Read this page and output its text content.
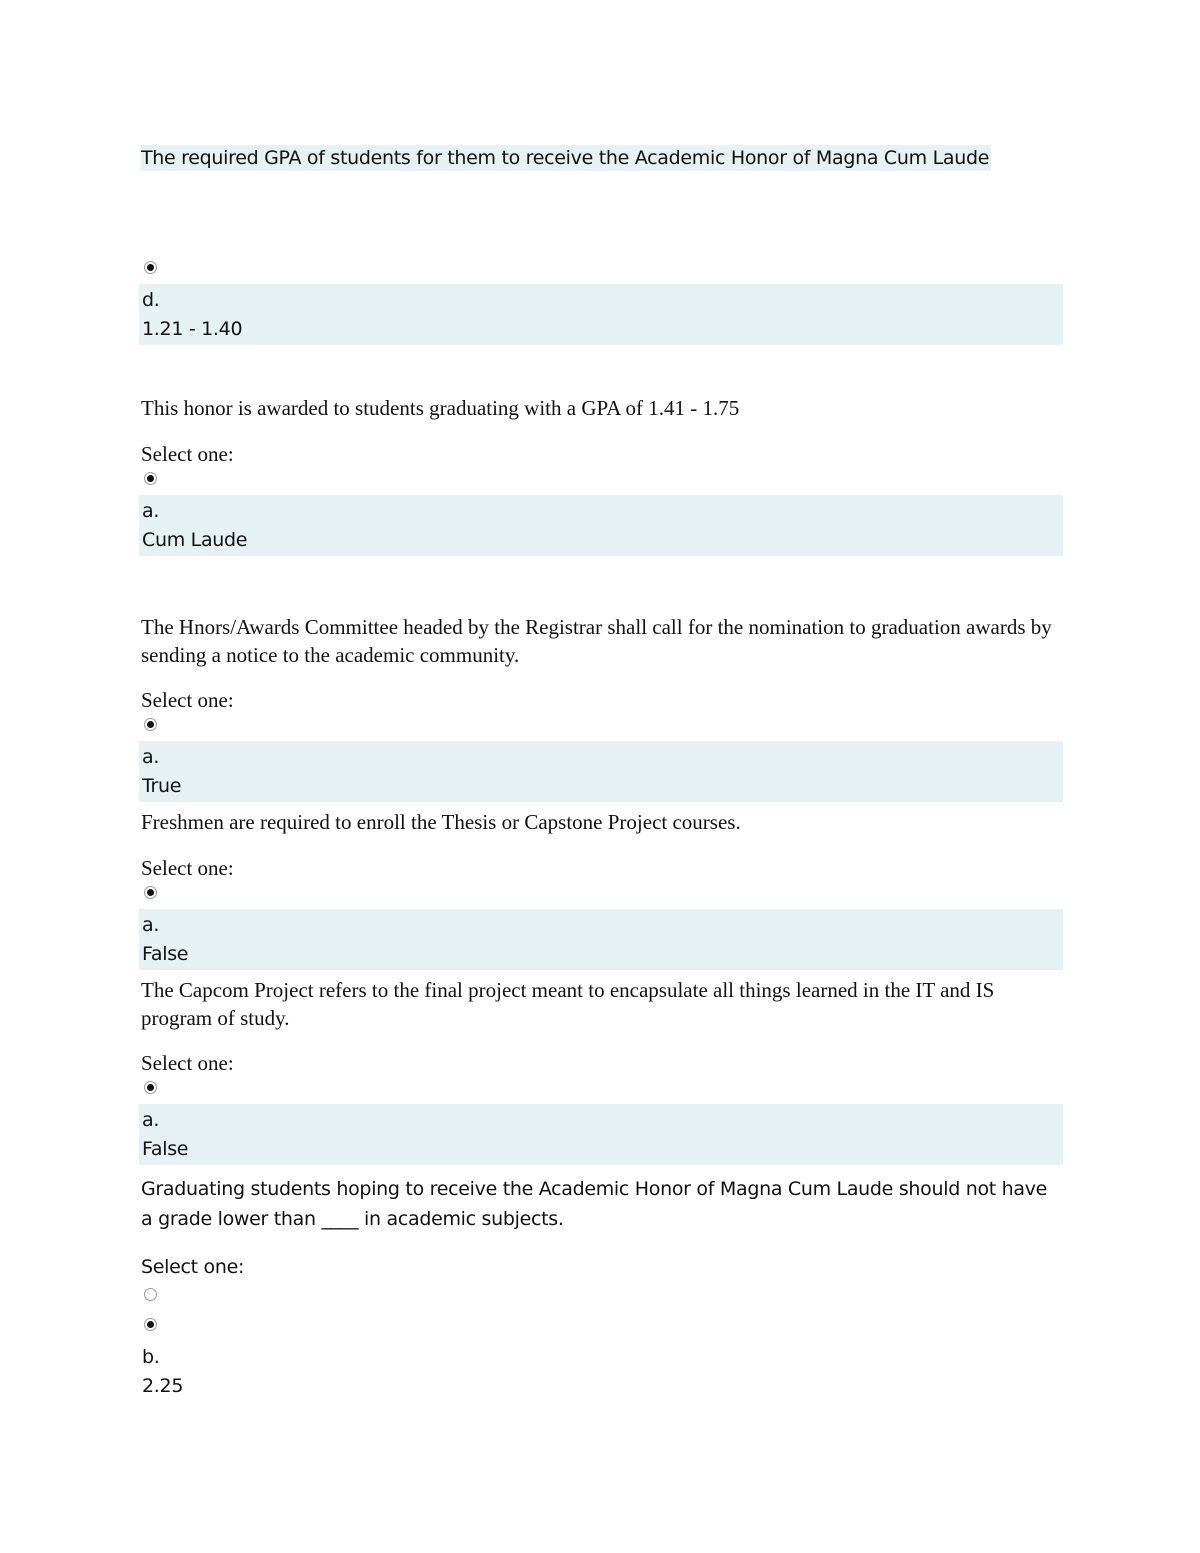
The required GPA of students for them to receive the Academic Honor of Magna Cum Laude
d.
1.21 - 1.40
This honor is awarded to students graduating with a GPA of 1.41 - 1.75
Select one:
a.
Cum Laude
The Hnors/Awards Committee headed by the Registrar shall call for the nomination to graduation awards by sending a notice to the academic community.
Select one:
a.
True
Freshmen are required to enroll the Thesis or Capstone Project courses.
Select one:
a.
False
The Capcom Project refers to the final project meant to encapsulate all things learned in the IT and IS program of study.
Select one:
a.
False
Graduating students hoping to receive the Academic Honor of Magna Cum Laude should not have a grade lower than ____ in academic subjects.
Select one:
b.
2.25
